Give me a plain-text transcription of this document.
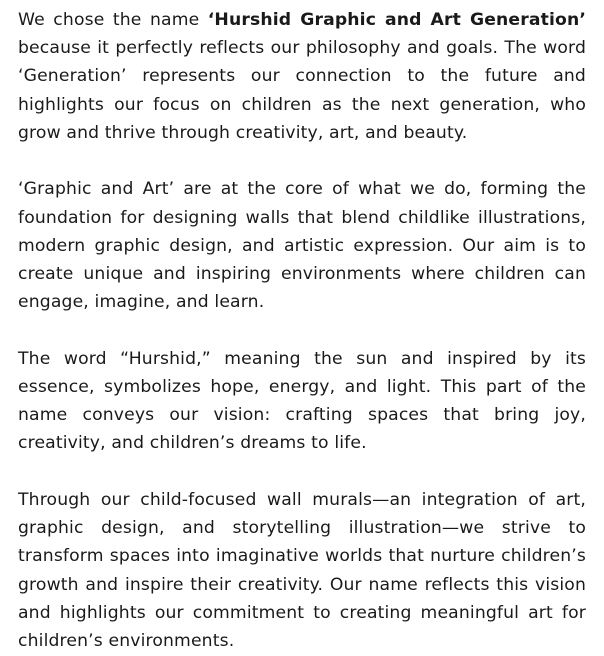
We chose the name ‘Hurshid Graphic and Art Generation’ because it perfectly reflects our philosophy and goals. The word ‘Generation’ represents our connection to the future and highlights our focus on children as the next generation, who grow and thrive through creativity, art, and beauty.

‘Graphic and Art’ are at the core of what we do, forming the foundation for designing walls that blend childlike illustrations, modern graphic design, and artistic expression. Our aim is to create unique and inspiring environments where children can engage, imagine, and learn.

The word “Hurshid,” meaning the sun and inspired by its essence, symbolizes hope, energy, and light. This part of the name conveys our vision: crafting spaces that bring joy, creativity, and children’s dreams to life.

Through our child-focused wall murals—an integration of art, graphic design, and storytelling illustration—we strive to transform spaces into imaginative worlds that nurture children’s growth and inspire their creativity. Our name reflects this vision and highlights our commitment to creating meaningful art for children’s environments.
